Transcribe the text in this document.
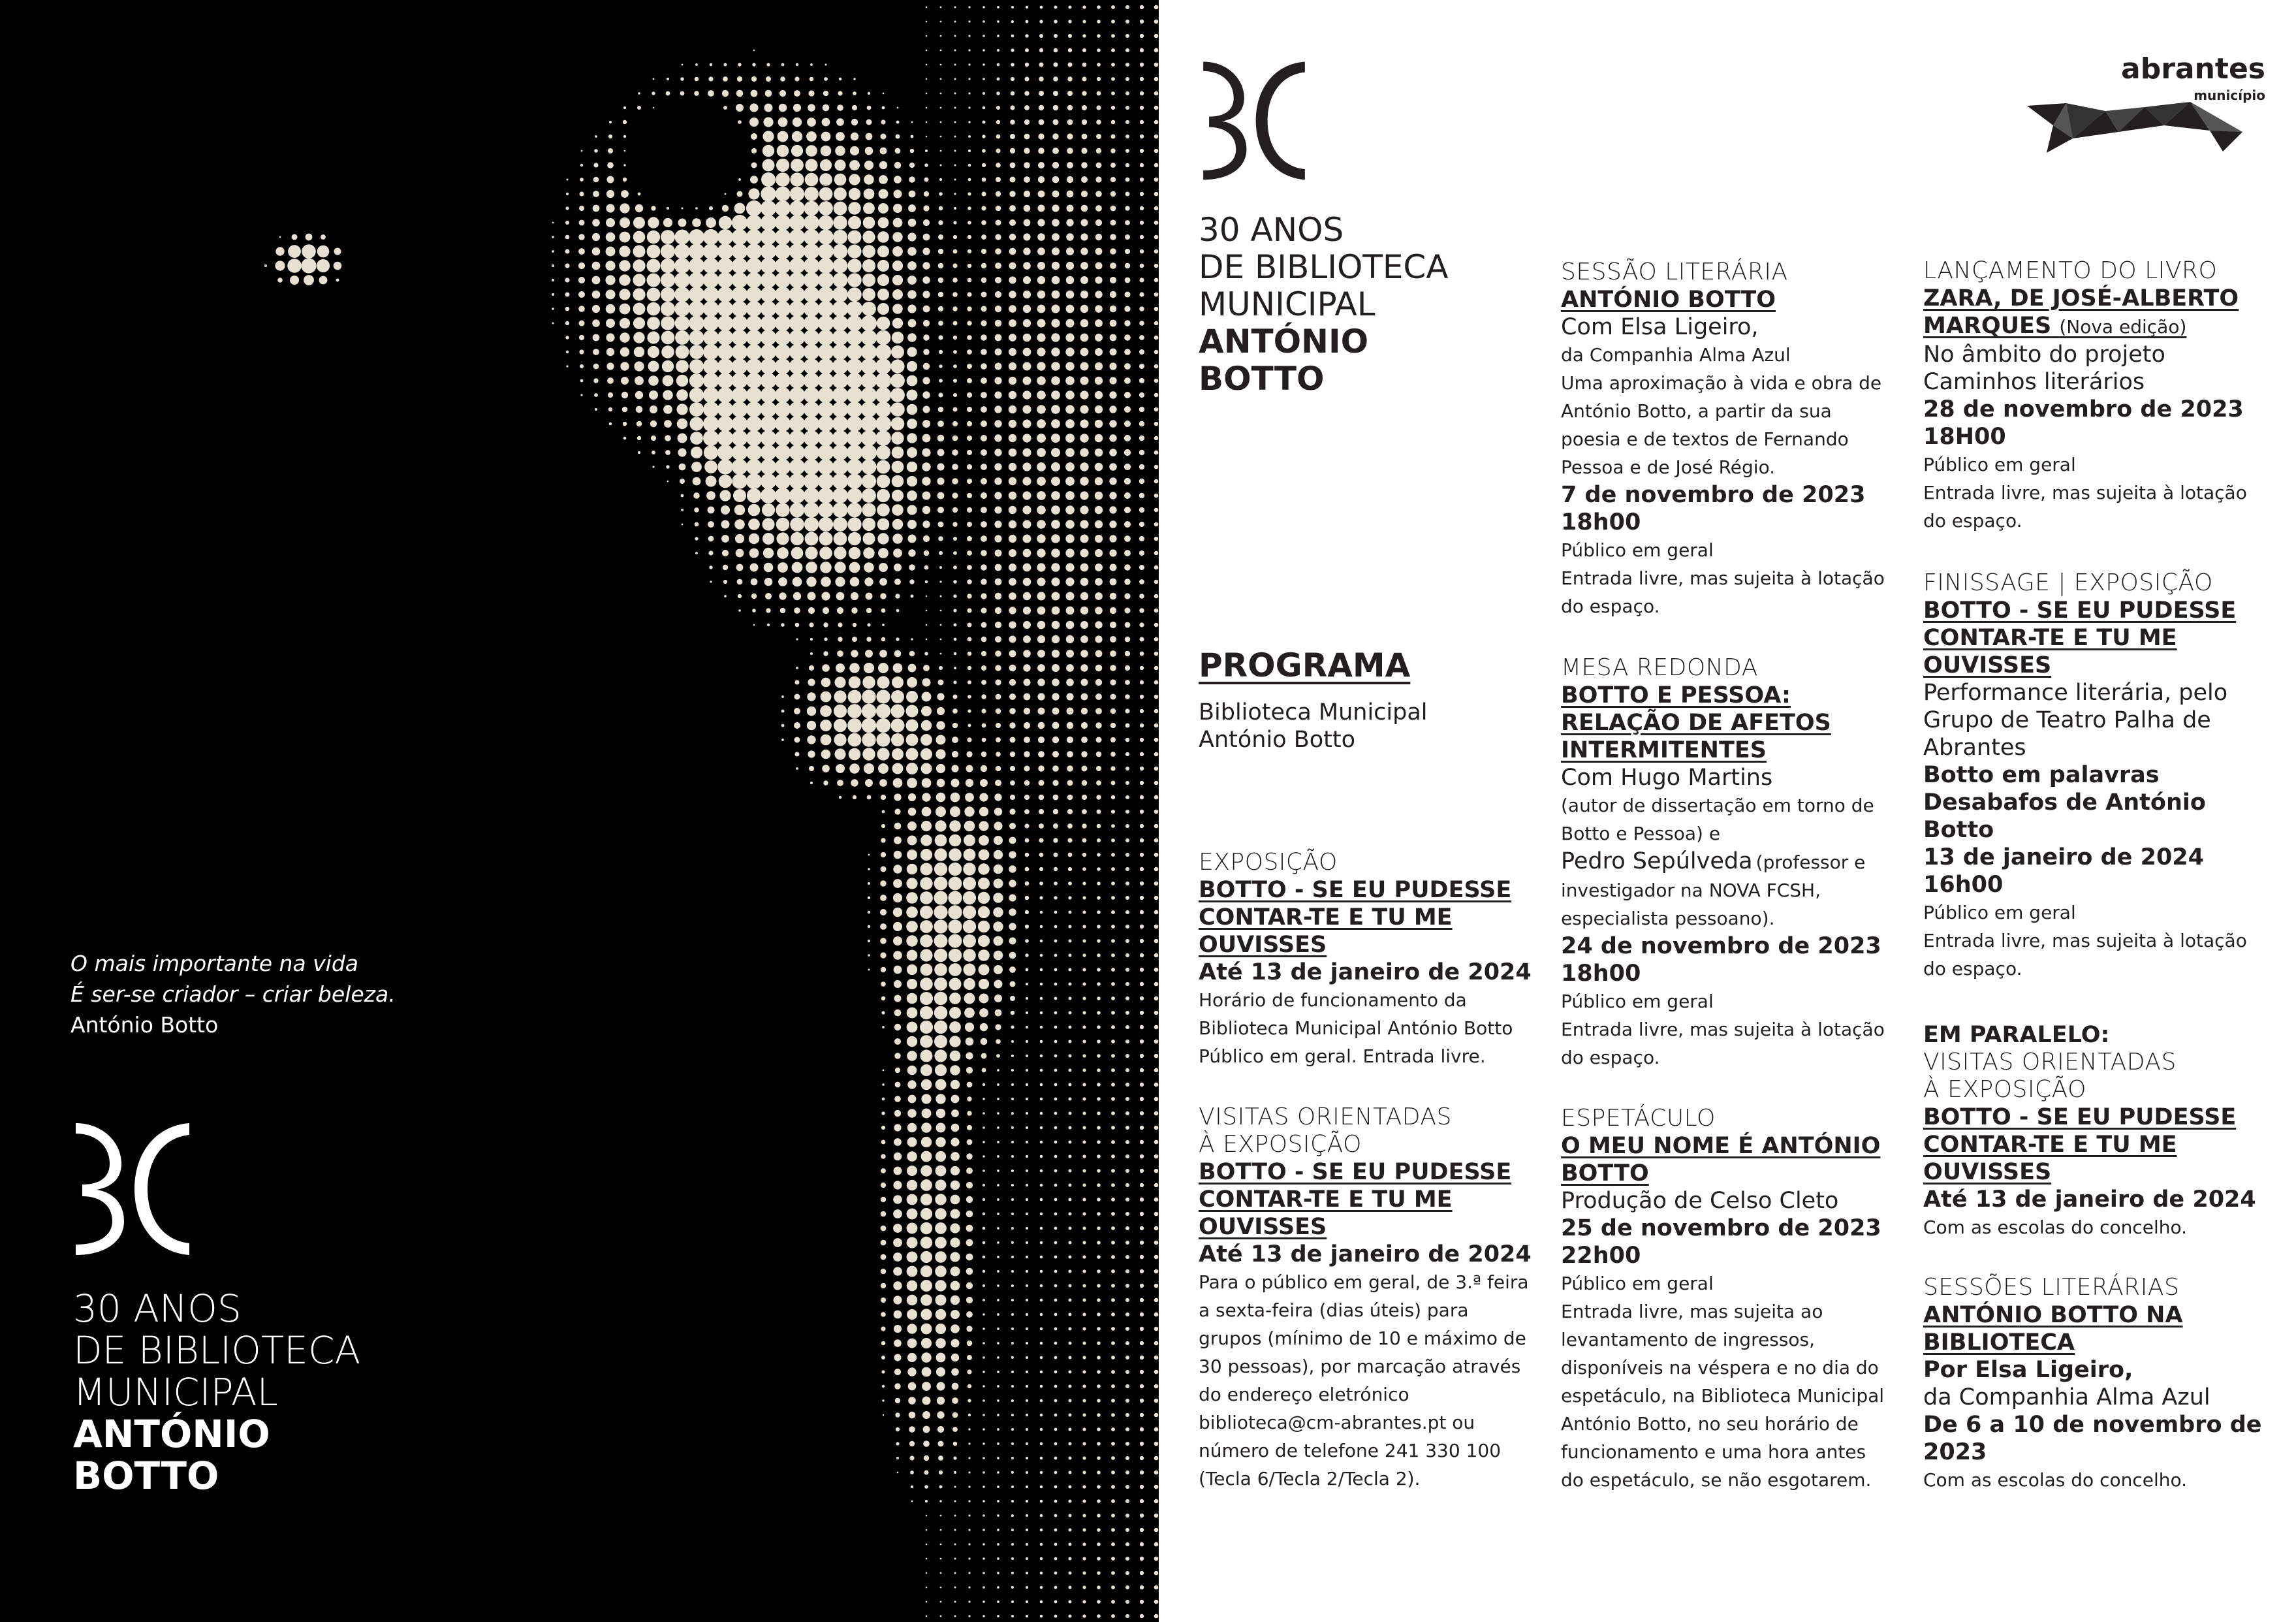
O mais importante na vida
É ser-se criador – criar beleza.
António Botto
30 ANOS
DE BIBLIOTECA
MUNICIPAL
ANTÓNIO
BOTTO
30 ANOS
DE BIBLIOTECA
MUNICIPAL
ANTÓNIO
BOTTO
abrantes
município
PROGRAMA
Biblioteca Municipal
António Botto
EXPOSIÇÃO
BOTTO - SE EU PUDESSE
CONTAR-TE E TU ME
OUVISSES
Até 13 de janeiro de 2024
Horário de funcionamento da
Biblioteca Municipal António Botto
Público em geral. Entrada livre.
VISITAS ORIENTADAS
À EXPOSIÇÃO
BOTTO - SE EU PUDESSE
CONTAR-TE E TU ME
OUVISSES
Até 13 de janeiro de 2024
Para o público em geral, de 3.ª feira
a sexta-feira (dias úteis) para
grupos (mínimo de 10 e máximo de
30 pessoas), por marcação através
do endereço eletrónico
biblioteca@cm-abrantes.pt ou
número de telefone 241 330 100
(Tecla 6/Tecla 2/Tecla 2).
SESSÃO LITERÁRIA
ANTÓNIO BOTTO
Com Elsa Ligeiro,
da Companhia Alma Azul
Uma aproximação à vida e obra de
António Botto, a partir da sua
poesia e de textos de Fernando
Pessoa e de José Régio.
7 de novembro de 2023
18h00
Público em geral
Entrada livre, mas sujeita à lotação
do espaço.
MESA REDONDA
BOTTO E PESSOA:
RELAÇÃO DE AFETOS
INTERMITENTES
Com Hugo Martins
(autor de dissertação em torno de
Botto e Pessoa) e
Pedro Sepúlveda (professor e
investigador na NOVA FCSH,
especialista pessoano).
24 de novembro de 2023
18h00
Público em geral
Entrada livre, mas sujeita à lotação
do espaço.
ESPETÁCULO
O MEU NOME É ANTÓNIO
BOTTO
Produção de Celso Cleto
25 de novembro de 2023
22h00
Público em geral
Entrada livre, mas sujeita ao
levantamento de ingressos,
disponíveis na véspera e no dia do
espetáculo, na Biblioteca Municipal
António Botto, no seu horário de
funcionamento e uma hora antes
do espetáculo, se não esgotarem.
LANÇAMENTO DO LIVRO
ZARA, DE JOSÉ-ALBERTO
MARQUES (Nova edição)
No âmbito do projeto
Caminhos literários
28 de novembro de 2023
18H00
Público em geral
Entrada livre, mas sujeita à lotação
do espaço.
FINISSAGE | EXPOSIÇÃO
BOTTO - SE EU PUDESSE
CONTAR-TE E TU ME
OUVISSES
Performance literária, pelo
Grupo de Teatro Palha de
Abrantes
Botto em palavras
Desabafos de António
Botto
13 de janeiro de 2024
16h00
Público em geral
Entrada livre, mas sujeita à lotação
do espaço.
EM PARALELO:
VISITAS ORIENTADAS
À EXPOSIÇÃO
BOTTO - SE EU PUDESSE
CONTAR-TE E TU ME
OUVISSES
Até 13 de janeiro de 2024
Com as escolas do concelho.
SESSÕES LITERÁRIAS
ANTÓNIO BOTTO NA
BIBLIOTECA
Por Elsa Ligeiro,
da Companhia Alma Azul
De 6 a 10 de novembro de
2023
Com as escolas do concelho.
